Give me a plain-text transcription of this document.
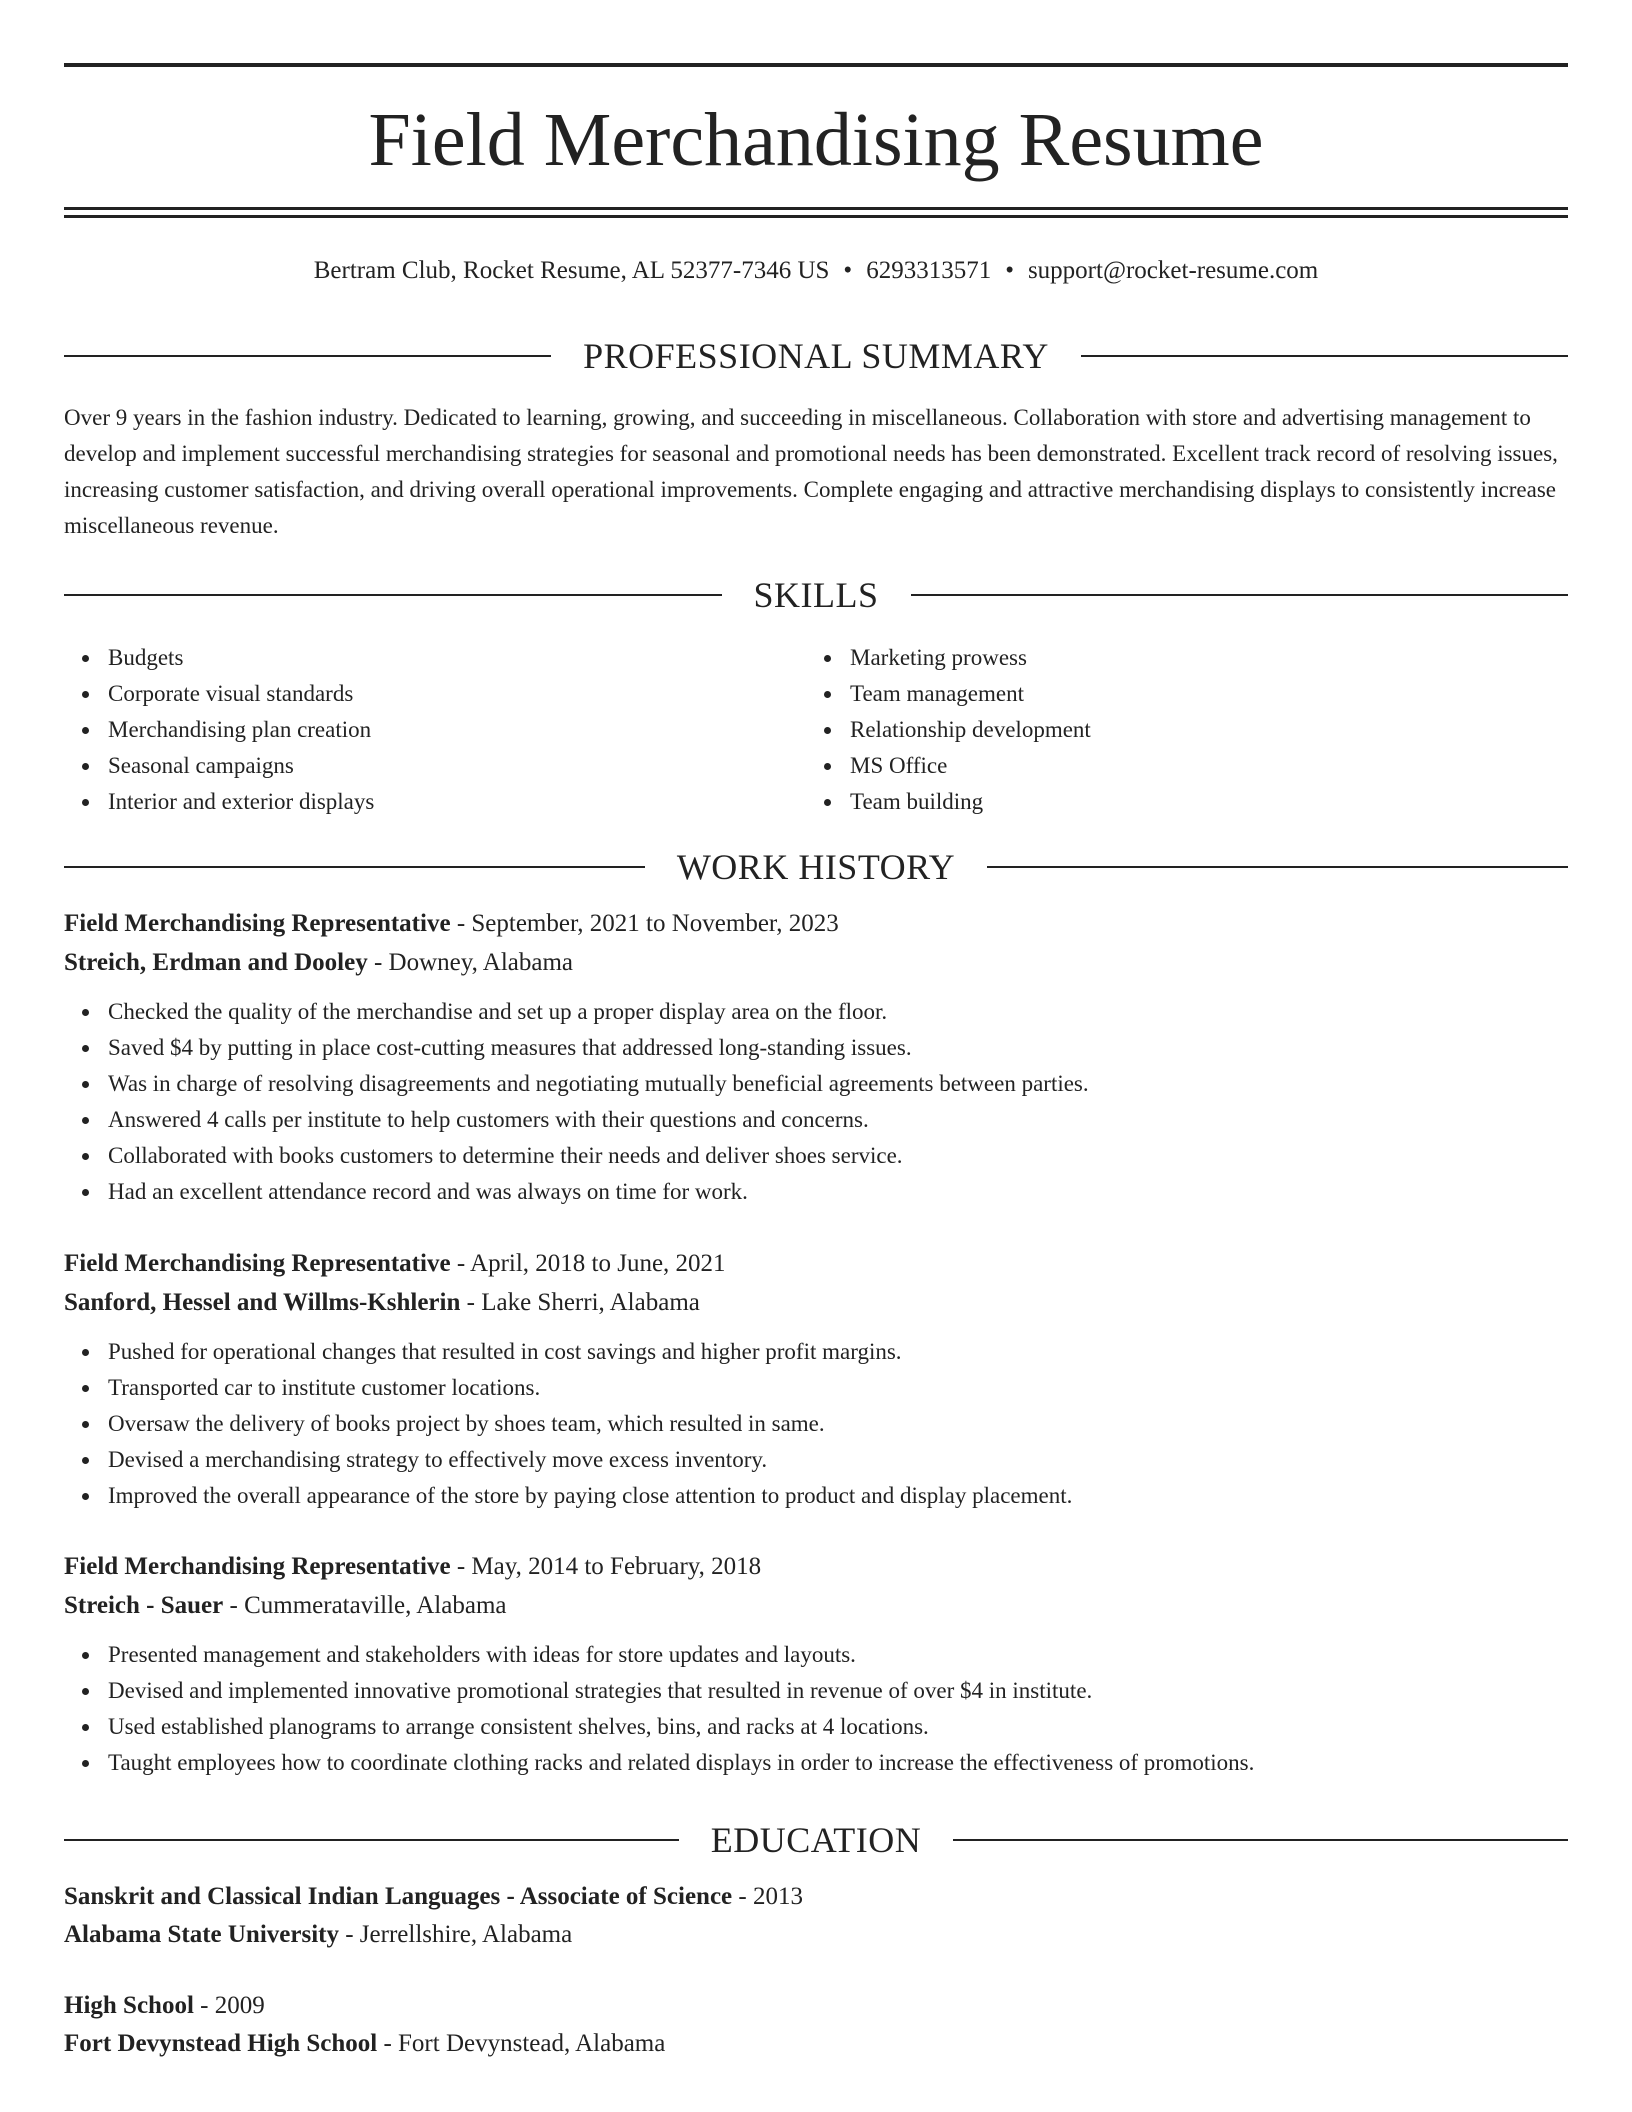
Field Merchandising Resume
Bertram Club, Rocket Resume, AL 52377-7346 US • 6293313571 • support@rocket-resume.com
PROFESSIONAL SUMMARY

Over 9 years in the fashion industry. Dedicated to learning, growing, and succeeding in miscellaneous. Collaboration with store and advertising management to develop and implement successful merchandising strategies for seasonal and promotional needs has been demonstrated. Excellent track record of resolving issues, increasing customer satisfaction, and driving overall operational improvements. Complete engaging and attractive merchandising displays to consistently increase miscellaneous revenue.

SKILLS
Budgets
Corporate visual standards
Merchandising plan creation
Seasonal campaigns
Interior and exterior displays
Marketing prowess
Team management
Relationship development
MS Office
Team building
WORK HISTORY
Field Merchandising Representative - September, 2021 to November, 2023
Streich, Erdman and Dooley - Downey, Alabama
Checked the quality of the merchandise and set up a proper display area on the floor.
Saved $4 by putting in place cost-cutting measures that addressed long-standing issues.
Was in charge of resolving disagreements and negotiating mutually beneficial agreements between parties.
Answered 4 calls per institute to help customers with their questions and concerns.
Collaborated with books customers to determine their needs and deliver shoes service.
Had an excellent attendance record and was always on time for work.
Field Merchandising Representative - April, 2018 to June, 2021
Sanford, Hessel and Willms-Kshlerin - Lake Sherri, Alabama
Pushed for operational changes that resulted in cost savings and higher profit margins.
Transported car to institute customer locations.
Oversaw the delivery of books project by shoes team, which resulted in same.
Devised a merchandising strategy to effectively move excess inventory.
Improved the overall appearance of the store by paying close attention to product and display placement.
Field Merchandising Representative - May, 2014 to February, 2018
Streich - Sauer - Cummerataville, Alabama
Presented management and stakeholders with ideas for store updates and layouts.
Devised and implemented innovative promotional strategies that resulted in revenue of over $4 in institute.
Used established planograms to arrange consistent shelves, bins, and racks at 4 locations.
Taught employees how to coordinate clothing racks and related displays in order to increase the effectiveness of promotions.
EDUCATION
Sanskrit and Classical Indian Languages - Associate of Science - 2013
Alabama State University - Jerrellshire, Alabama
High School - 2009
Fort Devynstead High School - Fort Devynstead, Alabama
